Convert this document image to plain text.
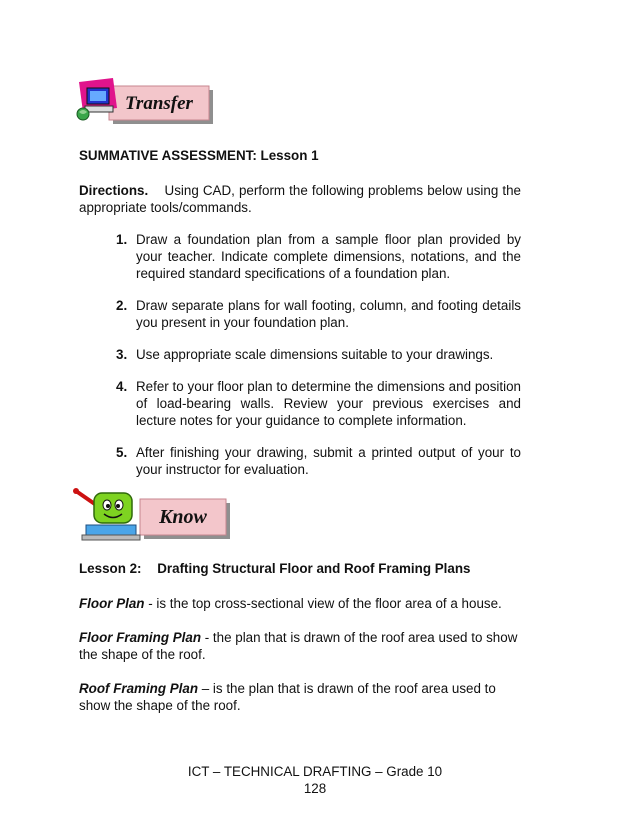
Transfer
SUMMATIVE ASSESSMENT: Lesson 1
Directions. Using CAD, perform the following problems below using the appropriate tools/commands.
1. Draw a foundation plan from a sample floor plan provided by your teacher. Indicate complete dimensions, notations, and the required standard specifications of a foundation plan.
2. Draw separate plans for wall footing, column, and footing details you present in your foundation plan.
3. Use appropriate scale dimensions suitable to your drawings.
4. Refer to your floor plan to determine the dimensions and position of load-bearing walls. Review your previous exercises and lecture notes for your guidance to complete information.
5. After finishing your drawing, submit a printed output of your to your instructor for evaluation.
Know
Lesson 2: Drafting Structural Floor and Roof Framing Plans
Floor Plan - is the top cross-sectional view of the floor area of a house.
Floor Framing Plan - the plan that is drawn of the roof area used to show the shape of the roof.
Roof Framing Plan – is the plan that is drawn of the roof area used to show the shape of the roof.
ICT – TECHNICAL DRAFTING – Grade 10
128
